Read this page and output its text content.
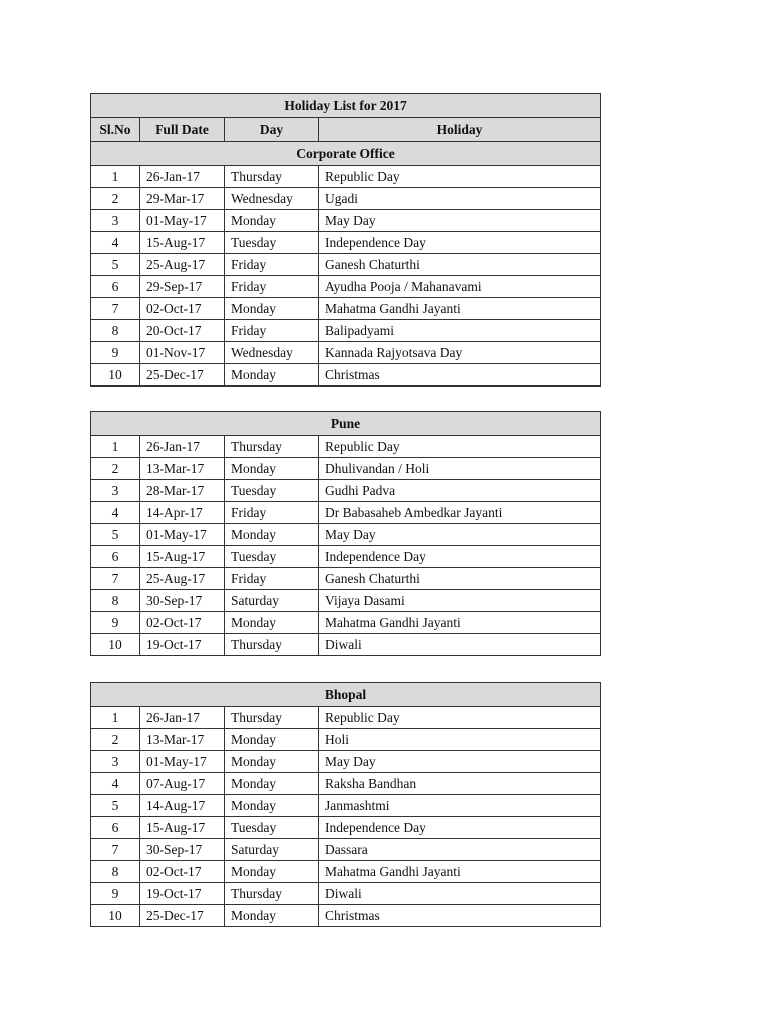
Holiday List for 2017			
Sl.No	Full Date	Day	Holiday
Corporate Office			
1	26-Jan-17	Thursday	Republic Day
2	29-Mar-17	Wednesday	Ugadi
3	01-May-17	Monday	May Day
4	15-Aug-17	Tuesday	Independence Day
5	25-Aug-17	Friday	Ganesh Chaturthi
6	29-Sep-17	Friday	Ayudha Pooja / Mahanavami
7	02-Oct-17	Monday	Mahatma Gandhi Jayanti
8	20-Oct-17	Friday	Balipadyami
9	01-Nov-17	Wednesday	Kannada Rajyotsava Day
10	25-Dec-17	Monday	Christmas
Pune			
1	26-Jan-17	Thursday	Republic Day
2	13-Mar-17	Monday	Dhulivandan / Holi
3	28-Mar-17	Tuesday	Gudhi Padva
4	14-Apr-17	Friday	Dr Babasaheb Ambedkar Jayanti
5	01-May-17	Monday	May Day
6	15-Aug-17	Tuesday	Independence Day
7	25-Aug-17	Friday	Ganesh Chaturthi
8	30-Sep-17	Saturday	Vijaya Dasami
9	02-Oct-17	Monday	Mahatma Gandhi Jayanti
10	19-Oct-17	Thursday	Diwali
Bhopal			
1	26-Jan-17	Thursday	Republic Day
2	13-Mar-17	Monday	Holi
3	01-May-17	Monday	May Day
4	07-Aug-17	Monday	Raksha Bandhan
5	14-Aug-17	Monday	Janmashtmi
6	15-Aug-17	Tuesday	Independence Day
7	30-Sep-17	Saturday	Dassara
8	02-Oct-17	Monday	Mahatma Gandhi Jayanti
9	19-Oct-17	Thursday	Diwali
10	25-Dec-17	Monday	Christmas
